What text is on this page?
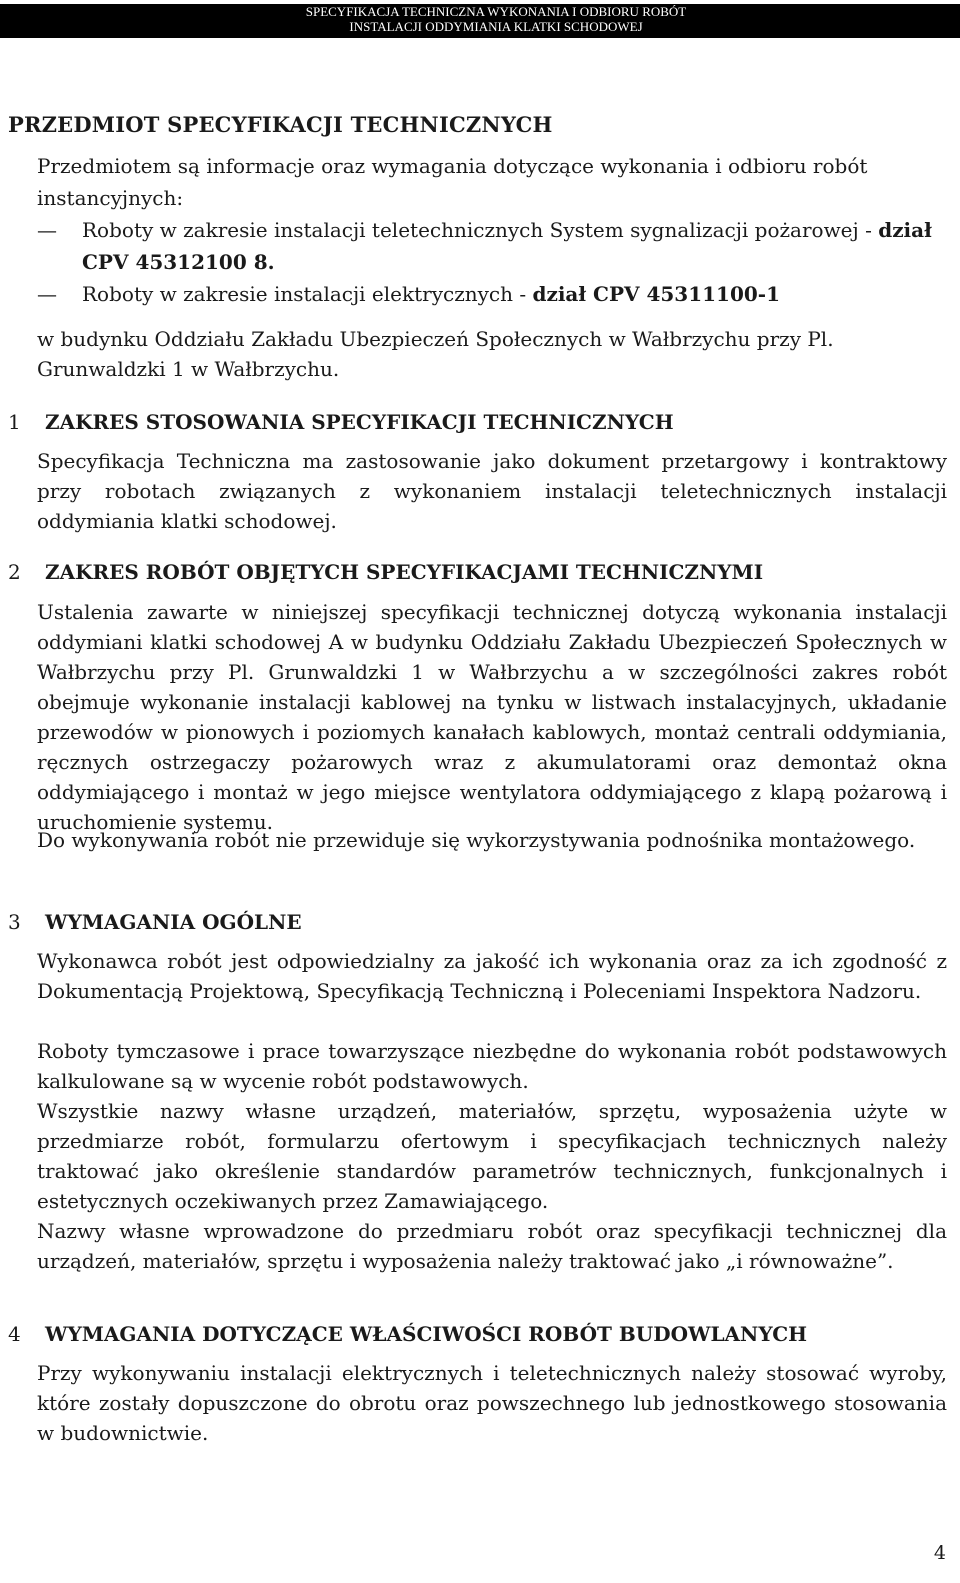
SPECYFIKACJA TECHNICZNA WYKONANIA I ODBIORU ROBÓT
INSTALACJI ODDYMIANIA KLATKI SCHODOWEJ
PRZEDMIOT SPECYFIKACJI TECHNICZNYCH

Przedmiotem są informacje oraz wymagania dotyczące wykonania i odbioru robót instancyjnych:

— Roboty w zakresie instalacji teletechnicznych System sygnalizacji pożarowej - dział CPV 45312100 8.
— Roboty w zakresie instalacji elektrycznych - dział CPV 45311100-1

w budynku Oddziału Zakładu Ubezpieczeń Społecznych w Wałbrzychu przy Pl. Grunwaldzki 1 w Wałbrzychu.

1 ZAKRES STOSOWANIA SPECYFIKACJI TECHNICZNYCH

Specyfikacja Techniczna ma zastosowanie jako dokument przetargowy i kontraktowy przy robotach związanych z wykonaniem instalacji teletechnicznych instalacji oddymiania klatki schodowej.

2 ZAKRES ROBÓT OBJĘTYCH SPECYFIKACJAMI TECHNICZNYMI

Ustalenia zawarte w niniejszej specyfikacji technicznej dotyczą wykonania instalacji oddymiani klatki schodowej A w budynku Oddziału Zakładu Ubezpieczeń Społecznych w Wałbrzychu przy Pl. Grunwaldzki 1 w Wałbrzychu a w szczególności zakres robót obejmuje wykonanie instalacji kablowej na tynku w listwach instalacyjnych, układanie przewodów w pionowych i poziomych kanałach kablowych, montaż centrali oddymiania, ręcznych ostrzegaczy pożarowych wraz z akumulatorami oraz demontaż okna oddymiającego i montaż w jego miejsce wentylatora oddymiającego z klapą pożarową i uruchomienie systemu.

Do wykonywania robót nie przewiduje się wykorzystywania podnośnika montażowego.

3 WYMAGANIA OGÓLNE

Wykonawca robót jest odpowiedzialny za jakość ich wykonania oraz za ich zgodność z Dokumentacją Projektową, Specyfikacją Techniczną i Poleceniami Inspektora Nadzoru.

Roboty tymczasowe i prace towarzyszące niezbędne do wykonania robót podstawowych kalkulowane są w wycenie robót podstawowych.

Wszystkie nazwy własne urządzeń, materiałów, sprzętu, wyposażenia użyte w przedmiarze robót, formularzu ofertowym i specyfikacjach technicznych należy traktować jako określenie standardów parametrów technicznych, funkcjonalnych i estetycznych oczekiwanych przez Zamawiającego.

Nazwy własne wprowadzone do przedmiaru robót oraz specyfikacji technicznej dla urządzeń, materiałów, sprzętu i wyposażenia należy traktować jako „i równoważne”.

4 WYMAGANIA DOTYCZĄCE WŁAŚCIWOŚCI ROBÓT BUDOWLANYCH

Przy wykonywaniu instalacji elektrycznych i teletechnicznych należy stosować wyroby, które zostały dopuszczone do obrotu oraz powszechnego lub jednostkowego stosowania w budownictwie.

4
